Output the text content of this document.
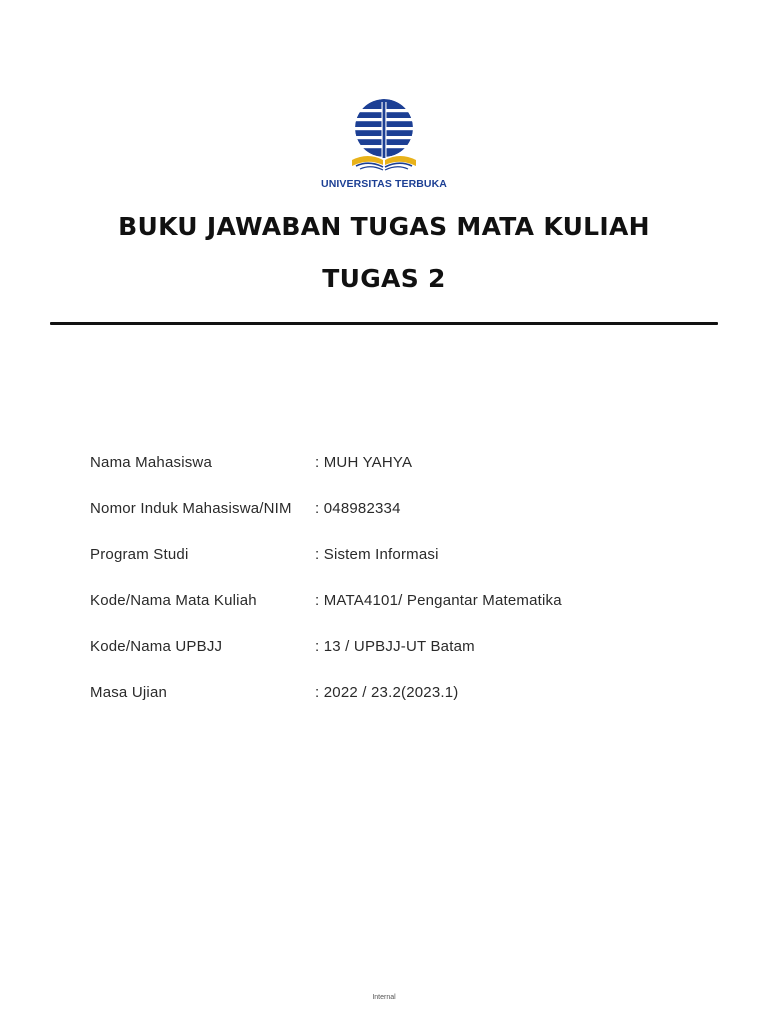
UNIVERSITAS TERBUKA
BUKU JAWABAN TUGAS MATA KULIAH
TUGAS 2
Nama Mahasiswa	: MUH YAHYA
Nomor Induk Mahasiswa/NIM	: 048982334
Program Studi	: Sistem Informasi
Kode/Nama Mata Kuliah	: MATA4101/ Pengantar Matematika
Kode/Nama UPBJJ	: 13 / UPBJJ-UT Batam
Masa Ujian	: 2022 / 23.2(2023.1)
Internal
